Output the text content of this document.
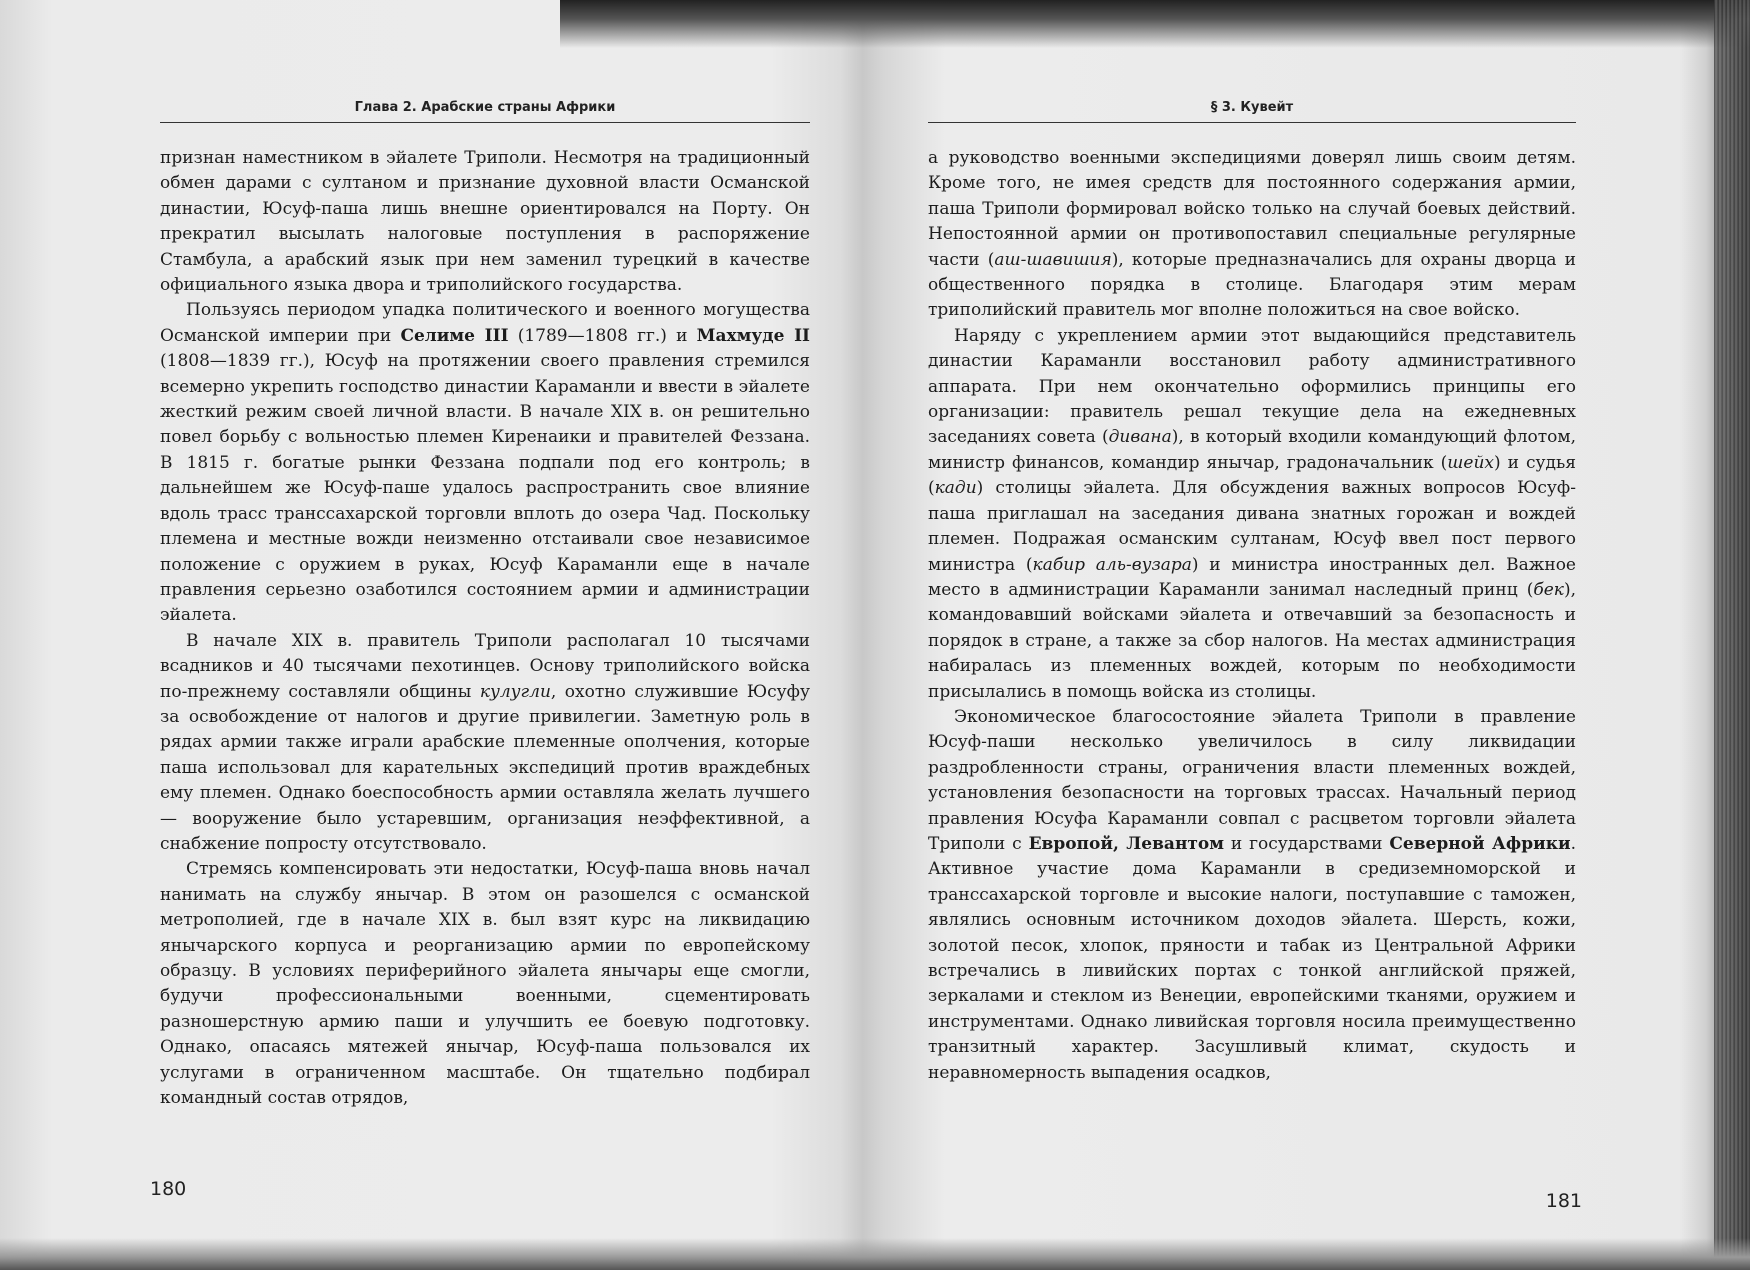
Глава 2. Арабские страны Африки

признан наместником в эйалете Триполи. Несмотря на традиционный обмен дарами с султаном и признание духовной власти Османской династии, Юсуф-паша лишь внешне ориентировался на Порту. Он прекратил высылать налоговые поступления в распоряжение Стамбула, а арабский язык при нем заменил турецкий в качестве официального языка двора и триполийского государства.

Пользуясь периодом упадка политического и военного могущества Османской империи при Селиме III (1789—1808 гг.) и Махмуде II (1808—1839 гг.), Юсуф на протяжении своего правления стремился всемерно укрепить господство династии Караманли и ввести в эйалете жесткий режим своей личной власти. В начале XIX в. он решительно повел борьбу с вольностью племен Киренаики и правителей Феззана. В 1815 г. богатые рынки Феззана подпали под его контроль; в дальнейшем же Юсуф-паше удалось распространить свое влияние вдоль трасс транссахарской торговли вплоть до озера Чад. Поскольку племена и местные вожди неизменно отстаивали свое независимое положение с оружием в руках, Юсуф Караманли еще в начале правления серьезно озаботился состоянием армии и администрации эйалета.

В начале XIX в. правитель Триполи располагал 10 тысячами всадников и 40 тысячами пехотинцев. Основу триполийского войска по-прежнему составляли общины кулугли, охотно служившие Юсуфу за освобождение от налогов и другие привилегии. Заметную роль в рядах армии также играли арабские племенные ополчения, которые паша использовал для карательных экспедиций против враждебных ему племен. Однако боеспособность армии оставляла желать лучшего — вооружение было устаревшим, организация неэффективной, а снабжение попросту отсутствовало.

Стремясь компенсировать эти недостатки, Юсуф-паша вновь начал нанимать на службу янычар. В этом он разошелся с османской метрополией, где в начале XIX в. был взят курс на ликвидацию янычарского корпуса и реорганизацию армии по европейскому образцу. В условиях периферийного эйалета янычары еще смогли, будучи профессиональными военными, сцементировать разношерстную армию паши и улучшить ее боевую подготовку. Однако, опасаясь мятежей янычар, Юсуф-паша пользовался их услугами в ограниченном масштабе. Он тщательно подбирал командный состав отрядов,

180
§ 3. Кувейт

а руководство военными экспедициями доверял лишь своим детям. Кроме того, не имея средств для постоянного содержания армии, паша Триполи формировал войско только на случай боевых действий. Непостоянной армии он противопоставил специальные регулярные части (аш-шавишия), которые предназначались для охраны дворца и общественного порядка в столице. Благодаря этим мерам триполийский правитель мог вполне положиться на свое войско.

Наряду с укреплением армии этот выдающийся представитель династии Караманли восстановил работу административного аппарата. При нем окончательно оформились принципы его организации: правитель решал текущие дела на ежедневных заседаниях совета (дивана), в который входили командующий флотом, министр финансов, командир янычар, градоначальник (шейх) и судья (кади) столицы эйалета. Для обсуждения важных вопросов Юсуф-паша приглашал на заседания дивана знатных горожан и вождей племен. Подражая османским султанам, Юсуф ввел пост первого министра (кабир аль-вузара) и министра иностранных дел. Важное место в администрации Караманли занимал наследный принц (бек), командовавший войсками эйалета и отвечавший за безопасность и порядок в стране, а также за сбор налогов. На местах администрация набиралась из племенных вождей, которым по необходимости присылались в помощь войска из столицы.

Экономическое благосостояние эйалета Триполи в правление Юсуф-паши несколько увеличилось в силу ликвидации раздробленности страны, ограничения власти племенных вождей, установления безопасности на торговых трассах. Начальный период правления Юсуфа Караманли совпал с расцветом торговли эйалета Триполи с Европой, Левантом и государствами Северной Африки. Активное участие дома Караманли в средиземноморской и транссахарской торговле и высокие налоги, поступавшие с таможен, являлись основным источником доходов эйалета. Шерсть, кожи, золотой песок, хлопок, пряности и табак из Центральной Африки встречались в ливийских портах с тонкой английской пряжей, зеркалами и стеклом из Венеции, европейскими тканями, оружием и инструментами. Однако ливийская торговля носила преимущественно транзитный характер. Засушливый климат, скудость и неравномерность выпадения осадков,

181
